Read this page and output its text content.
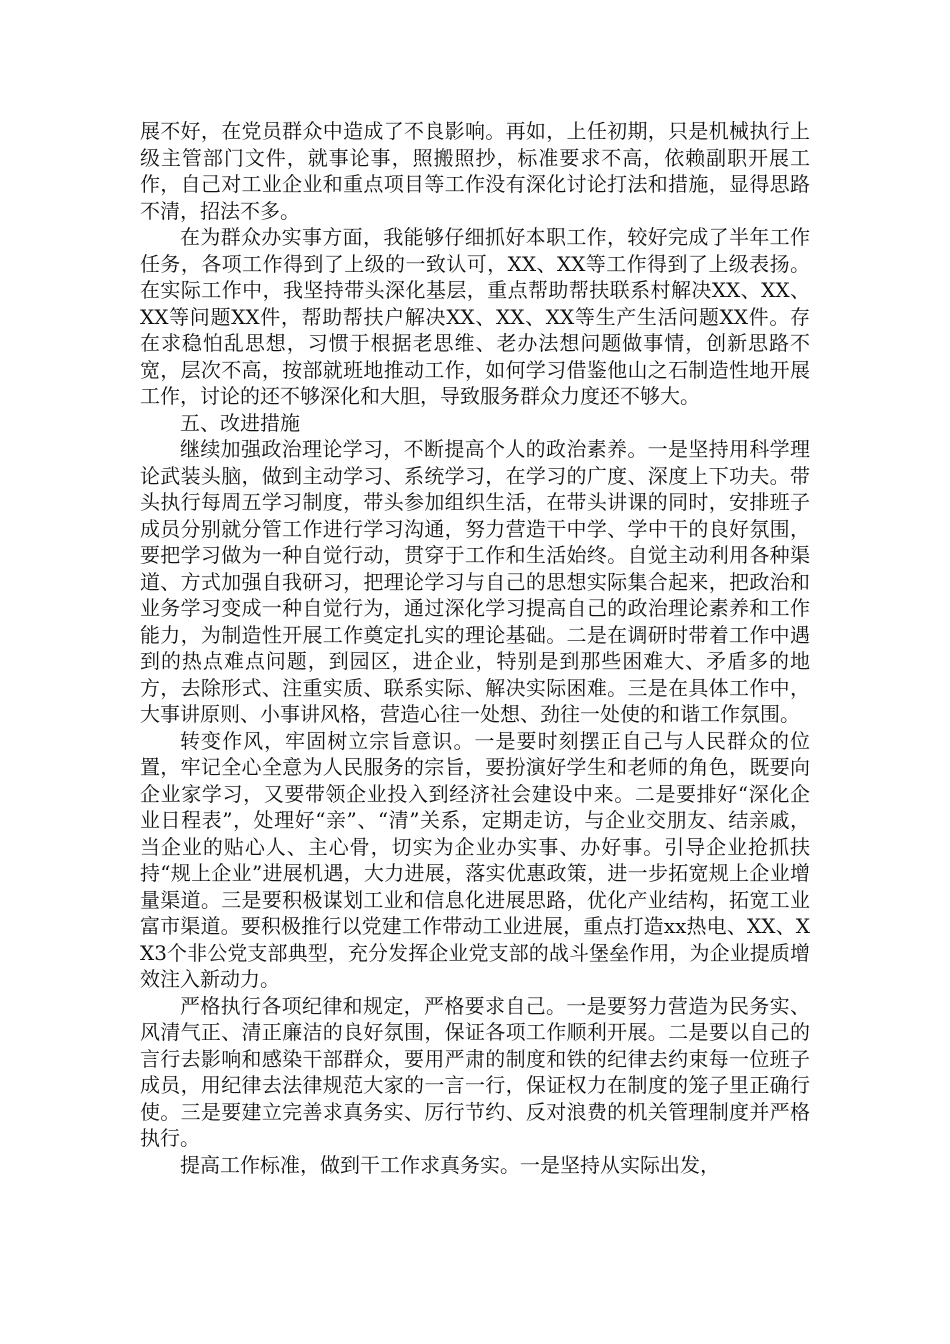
展不好，在党员群众中造成了不良影响。再如，上任初期，只是机械执行上级主管部门文件，就事论事，照搬照抄，标准要求不高，依赖副职开展工作，自己对工业企业和重点项目等工作没有深化讨论打法和措施，显得思路不清，招法不多。

在为群众办实事方面，我能够仔细抓好本职工作，较好完成了半年工作任务，各项工作得到了上级的一致认可，XX、XX等工作得到了上级表扬。在实际工作中，我坚持带头深化基层，重点帮助帮扶联系村解决XX、XX、XX等问题XX件，帮助帮扶户解决XX、XX、XX等生产生活问题XX件。存在求稳怕乱思想，习惯于根据老思维、老办法想问题做事情，创新思路不宽，层次不高，按部就班地推动工作，如何学习借鉴他山之石制造性地开展工作，讨论的还不够深化和大胆，导致服务群众力度还不够大。

五、改进措施

继续加强政治理论学习，不断提高个人的政治素养。一是坚持用科学理论武装头脑，做到主动学习、系统学习，在学习的广度、深度上下功夫。带头执行每周五学习制度，带头参加组织生活，在带头讲课的同时，安排班子成员分别就分管工作进行学习沟通，努力营造干中学、学中干的良好氛围，要把学习做为一种自觉行动，贯穿于工作和生活始终。自觉主动利用各种渠道、方式加强自我研习，把理论学习与自己的思想实际集合起来，把政治和业务学习变成一种自觉行为，通过深化学习提高自己的政治理论素养和工作能力，为制造性开展工作奠定扎实的理论基础。二是在调研时带着工作中遇到的热点难点问题，到园区，进企业，特别是到那些困难大、矛盾多的地方，去除形式、注重实质、联系实际、解决实际困难。三是在具体工作中，大事讲原则、小事讲风格，营造心往一处想、劲往一处使的和谐工作氛围。

转变作风，牢固树立宗旨意识。一是要时刻摆正自己与人民群众的位置，牢记全心全意为人民服务的宗旨，要扮演好学生和老师的角色，既要向企业家学习，又要带领企业投入到经济社会建设中来。二是要排好“深化企业日程表”，处理好“亲”、“清”关系，定期走访，与企业交朋友、结亲戚，当企业的贴心人、主心骨，切实为企业办实事、办好事。引导企业抢抓扶持“规上企业”进展机遇，大力进展，落实优惠政策，进一步拓宽规上企业增量渠道。三是要积极谋划工业和信息化进展思路，优化产业结构，拓宽工业富市渠道。要积极推行以党建工作带动工业进展，重点打造xx热电、XX、XX3个非公党支部典型，充分发挥企业党支部的战斗堡垒作用，为企业提质增效注入新动力。

严格执行各项纪律和规定，严格要求自己。一是要努力营造为民务实、风清气正、清正廉洁的良好氛围，保证各项工作顺利开展。二是要以自己的言行去影响和感染干部群众，要用严肃的制度和铁的纪律去约束每一位班子成员，用纪律去法律规范大家的一言一行，保证权力在制度的笼子里正确行使。三是要建立完善求真务实、厉行节约、反对浪费的机关管理制度并严格执行。

提高工作标准，做到干工作求真务实。一是坚持从实际出发，
